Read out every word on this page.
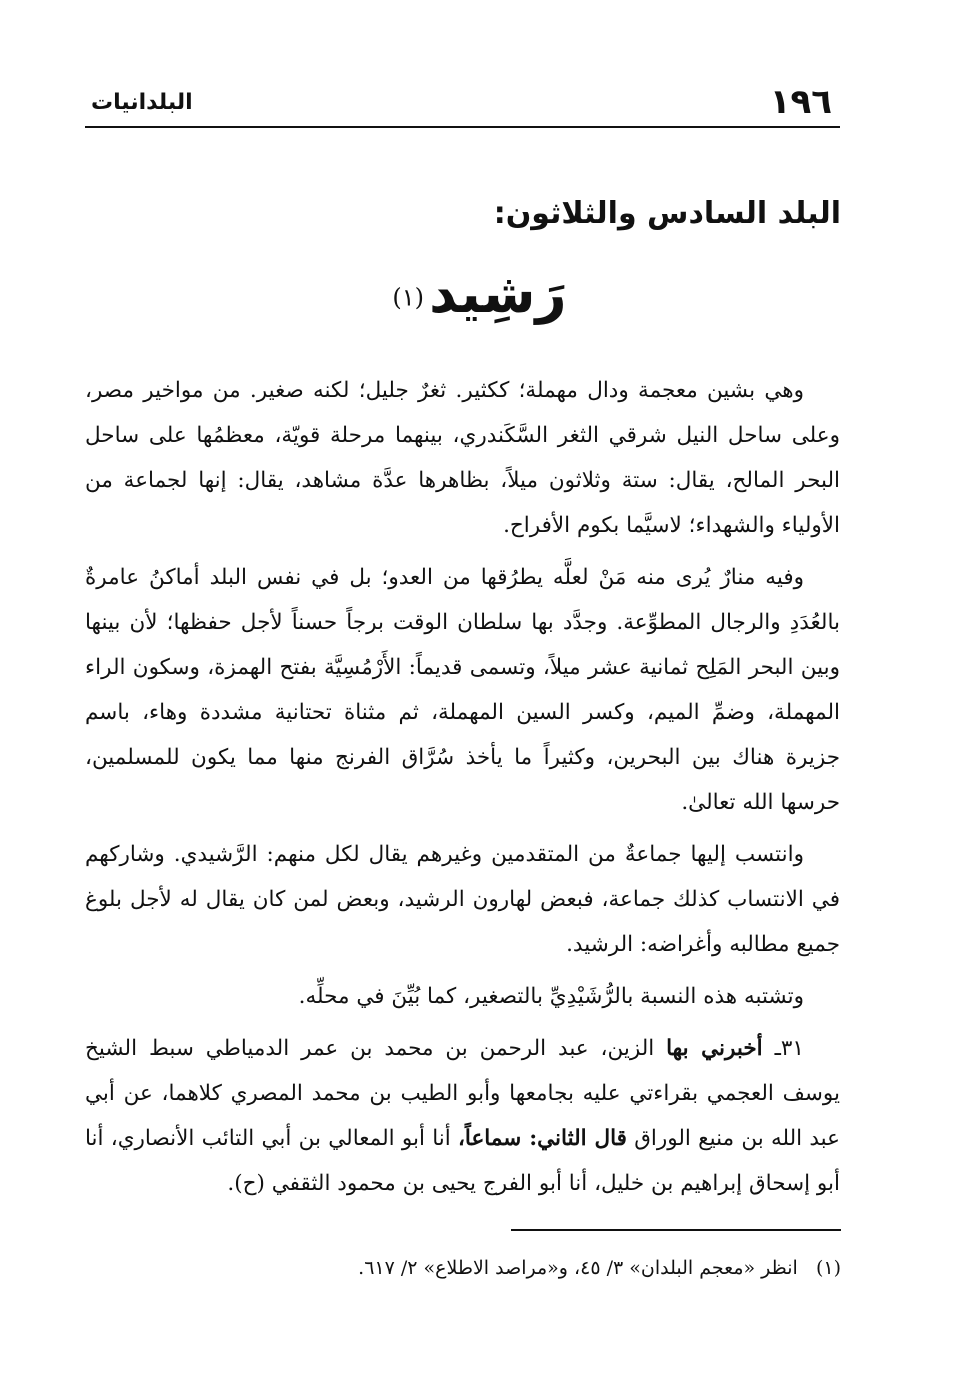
١٩٦
البلدانيات
البلد السادس والثلاثون:
رَشِيد (١)

وهي بشين معجمة ودال مهملة؛ ككثير. ثغرٌ جليل؛ لكنه صغير. من مواخير مصر، وعلى ساحل النيل شرقي الثغر السَّكَندري، بينهما مرحلة قويّة، معظمُها على ساحل البحر المالح، يقال: ستة وثلاثون ميلاً، بظاهرها عدَّة مشاهد، يقال: إنها لجماعة من الأولياء والشهداء؛ لاسيَّما بكوم الأفراح.

وفيه منارٌ يُرى منه مَنْ لعلَّه يطرُقها من العدو؛ بل في نفس البلد أماكنُ عامرةٌ بالعُدَدِ والرجال المطوِّعة. وجدَّد بها سلطان الوقت برجاً حسناً لأجل حفظها؛ لأن بينها وبين البحر المَلِح ثمانية عشر ميلاً، وتسمى قديماً: الأَرْمُسِيَّة بفتح الهمزة، وسكون الراء المهملة، وضمِّ الميم، وكسر السين المهملة، ثم مثناة تحتانية مشددة وهاء، باسم جزيرة هناك بين البحرين، وكثيراً ما يأخذ سُرَّاق الفرنج منها مما يكون للمسلمين، حرسها الله تعالىٰ.

وانتسب إليها جماعةٌ من المتقدمين وغيرهم يقال لكل منهم: الرَّشيدي. وشاركهم في الانتساب كذلك جماعة، فبعض لهارون الرشيد، وبعض لمن كان يقال له لأجل بلوغ جميع مطالبه وأغراضه: الرشيد.

وتشتبه هذه النسبة بالرُّشَيْدِيِّ بالتصغير، كما بُيِّنَ في محلِّه.

٣١ـ أخبرني بها الزين، عبد الرحمن بن محمد بن عمر الدمياطي سبط الشيخ يوسف العجمي بقراءتي عليه بجامعها وأبو الطيب بن محمد المصري كلاهما، عن أبي عبد الله بن منيع الوراق قال الثاني: سماعاً، أنا أبو المعالي بن أبي التائب الأنصاري، أنا أبو إسحاق إبراهيم بن خليل، أنا أبو الفرج يحيى بن محمود الثقفي (ح).

(١)   انظر «معجم البلدان» ٣/ ٤٥، و«مراصد الاطلاع» ٢/ ٦١٧.
